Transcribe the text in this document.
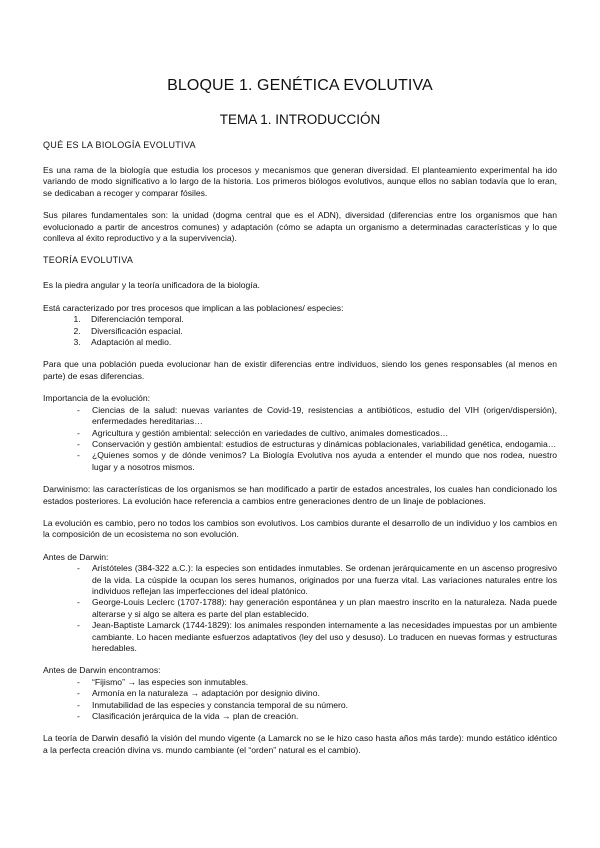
BLOQUE 1. GENÉTICA EVOLUTIVA
TEMA 1. INTRODUCCIÓN
QUÉ ES LA BIOLOGÍA EVOLUTIVA

Es una rama de la biología que estudia los procesos y mecanismos que generan diversidad. El planteamiento experimental ha ido variando de modo significativo a lo largo de la historia. Los primeros biólogos evolutivos, aunque ellos no sabían todavía que lo eran, se dedicaban a recoger y comparar fósiles.

Sus pilares fundamentales son: la unidad (dogma central que es el ADN), diversidad (diferencias entre los organismos que han evolucionado a partir de ancestros comunes) y adaptación (cómo se adapta un organismo a determinadas características y lo que conlleva al éxito reproductivo y a la supervivencia).

TEORÍA EVOLUTIVA

Es la piedra angular y la teoría unificadora de la biología.

Está caracterizado por tres procesos que implican a las poblaciones/ especies:

1. Diferenciación temporal.
2. Diversificación espacial.
3. Adaptación al medio.

Para que una población pueda evolucionar han de existir diferencias entre individuos, siendo los genes responsables (al menos en parte) de esas diferencias.

Importancia de la evolución:

- Ciencias de la salud: nuevas variantes de Covid-19, resistencias a antibióticos, estudio del VIH (origen/dispersión), enfermedades hereditarias…
- Agricultura y gestión ambiental: selección en variedades de cultivo, animales domesticados…
- Conservación y gestión ambiental: estudios de estructuras y dinámicas poblacionales, variabilidad genética, endogamia…
- ¿Quienes somos y de dónde venimos? La Biología Evolutiva nos ayuda a entender el mundo que nos rodea, nuestro lugar y a nosotros mismos.

Darwinismo: las características de los organismos se han modificado a partir de estados ancestrales, los cuales han condicionado los estados posteriores. La evolución hace referencia a cambios entre generaciones dentro de un linaje de poblaciones.

La evolución es cambio, pero no todos los cambios son evolutivos. Los cambios durante el desarrollo de un individuo y los cambios en la composición de un ecosistema no son evolución.

Antes de Darwin:

- Aristóteles (384-322 a.C.): la especies son entidades inmutables. Se ordenan jerárquicamente en un ascenso progresivo de la vida. La cúspide la ocupan los seres humanos, originados por una fuerza vital. Las variaciones naturales entre los individuos reflejan las imperfecciones del ideal platónico.
- George-Louis Leclerc (1707-1788): hay generación espontánea y un plan maestro inscrito en la naturaleza. Nada puede alterarse y si algo se altera es parte del plan establecido.
- Jean-Baptiste Lamarck (1744-1829): los animales responden internamente a las necesidades impuestas por un ambiente cambiante. Lo hacen mediante esfuerzos adaptativos (ley del uso y desuso). Lo traducen en nuevas formas y estructuras heredables.

Antes de Darwin encontramos:

- “Fijismo” → las especies son inmutables.
- Armonía en la naturaleza → adaptación por designio divino.
- Inmutabilidad de las especies y constancia temporal de su número.
- Clasificación jerárquica de la vida → plan de creación.

La teoría de Darwin desafió la visión del mundo vigente (a Lamarck no se le hizo caso hasta años más tarde): mundo estático idéntico a la perfecta creación divina vs. mundo cambiante (el “orden” natural es el cambio).
